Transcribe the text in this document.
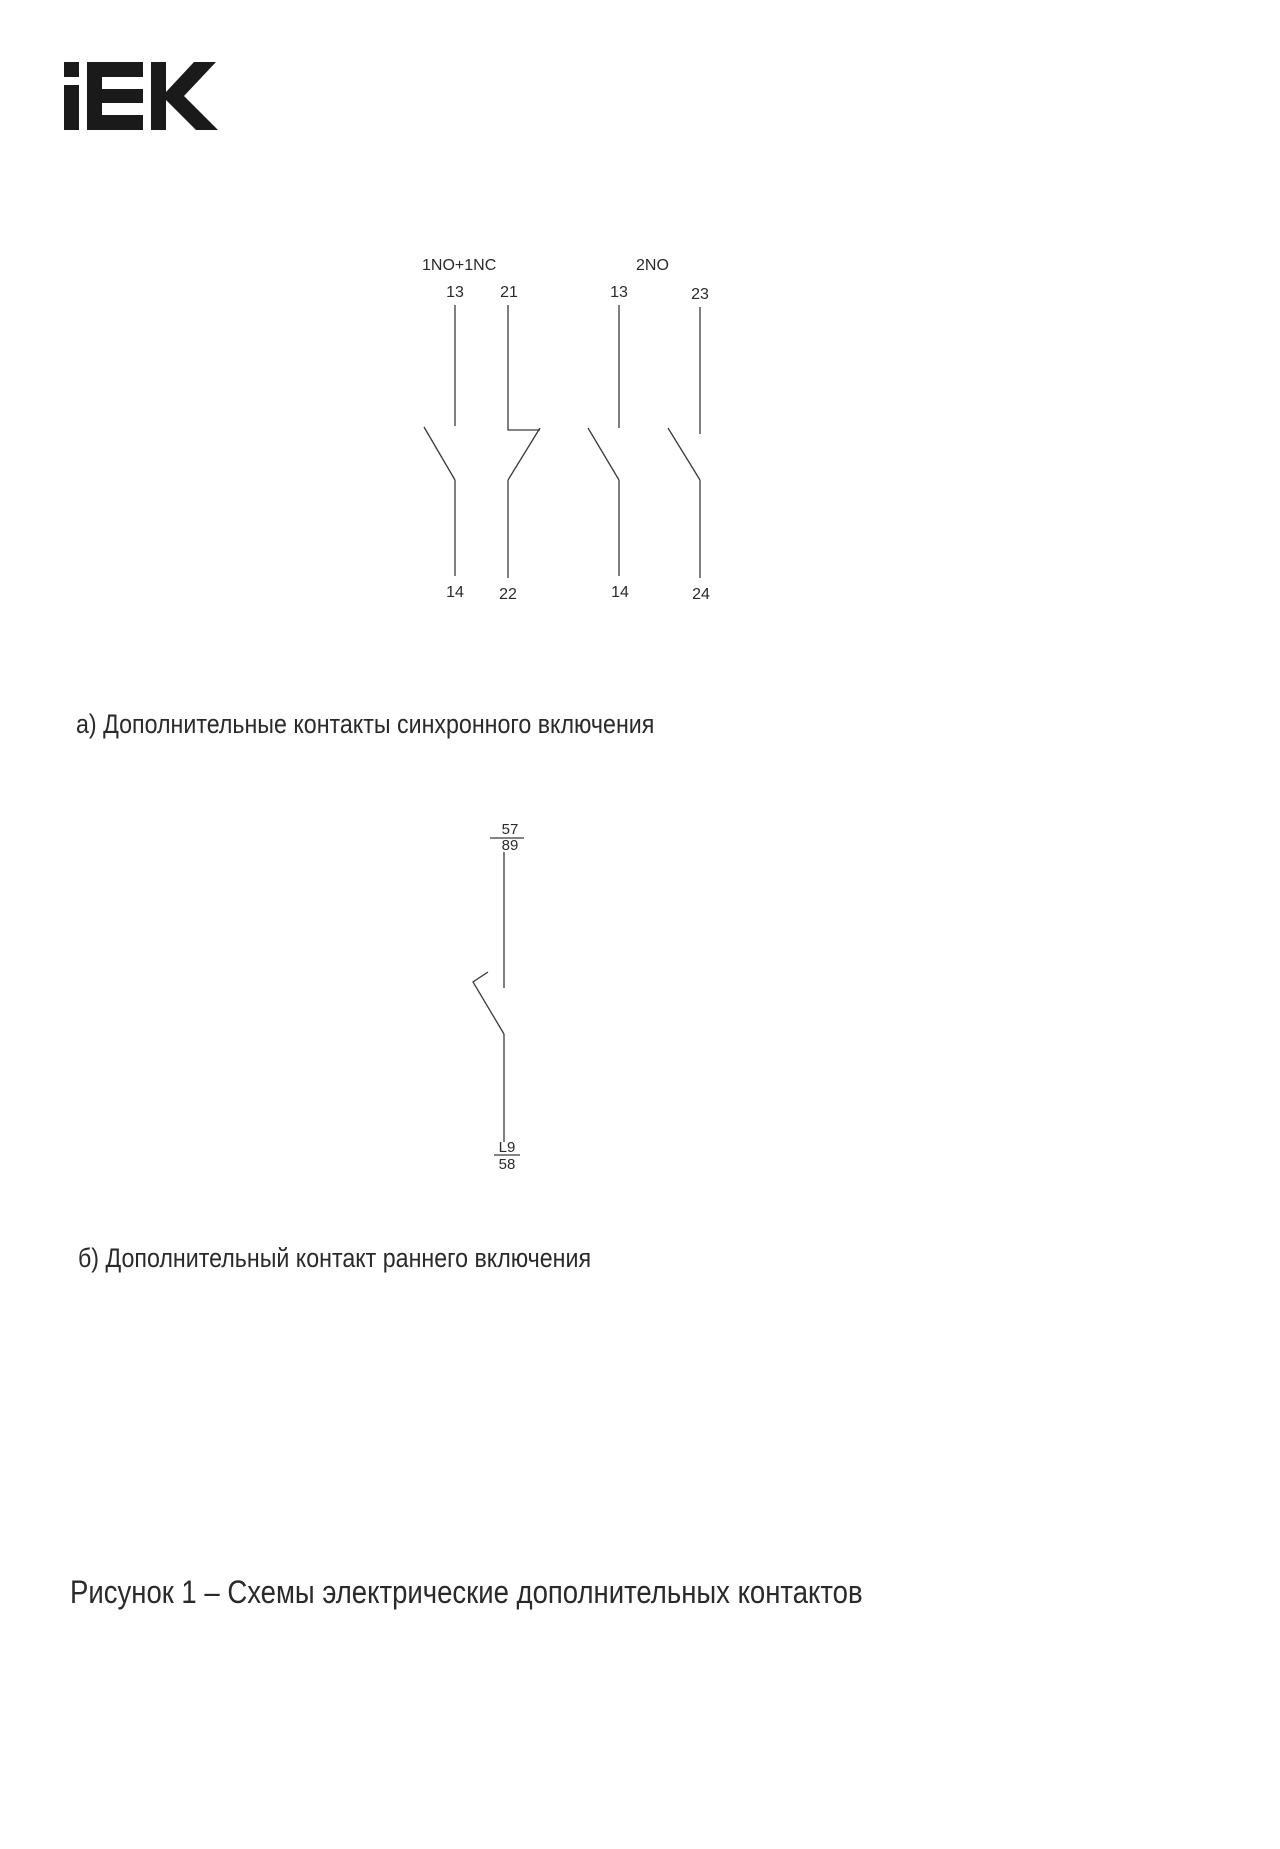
1NO+1NC	2NO
13 21	13	23
14 22	14	24

а) Дополнительные контакты синхронного включения

57
89
L9
58

б) Дополнительный контакт раннего включения

Рисунок 1 – Схемы электрические дополнительных контактов
